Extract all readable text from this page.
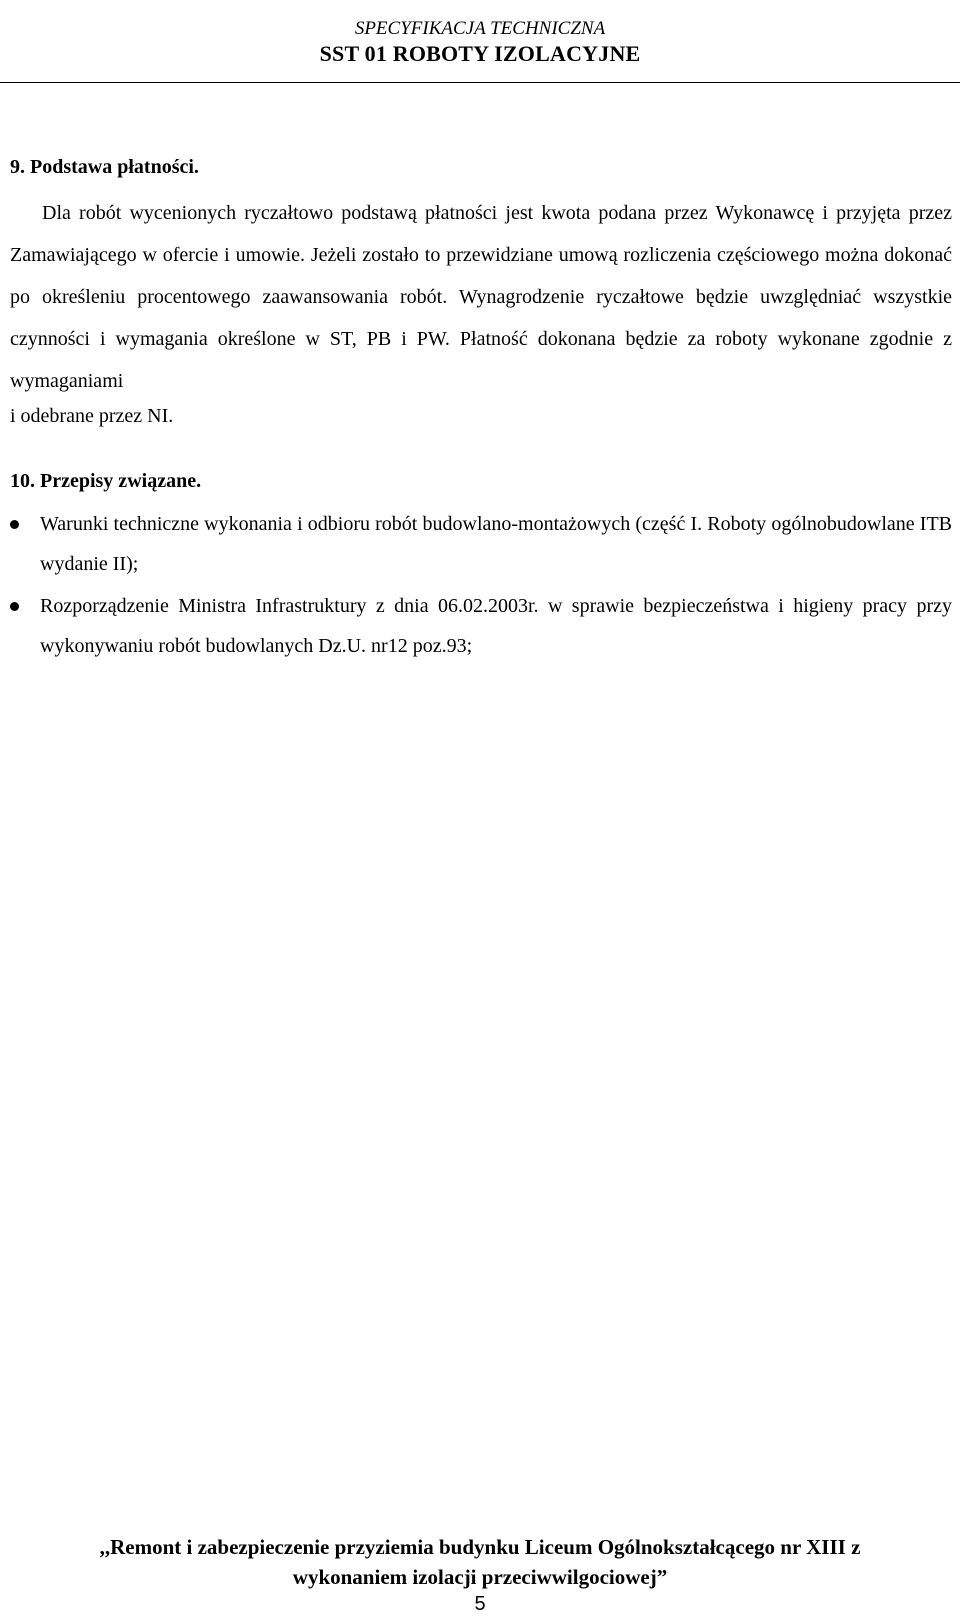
SPECYFIKACJA TECHNICZNA
SST 01 ROBOTY IZOLACYJNE

9. Podstawa płatności.

Dla robót wycenionych ryczałtowo podstawą płatności jest kwota podana przez Wykonawcę i przyjęta przez Zamawiającego w ofercie i umowie. Jeżeli zostało to przewidziane umową rozliczenia częściowego można dokonać po określeniu procentowego zaawansowania robót. Wynagrodzenie ryczałtowe będzie uwzględniać wszystkie czynności i wymagania określone w ST, PB i PW. Płatność dokonana będzie za roboty wykonane zgodnie z wymaganiami

i odebrane przez NI.

10. Przepisy związane.

Warunki techniczne wykonania i odbioru robót budowlano-montażowych (część I. Roboty ogólnobudowlane ITB wydanie II);
Rozporządzenie Ministra Infrastruktury z dnia 06.02.2003r. w sprawie bezpieczeństwa i higieny pracy przy wykonywaniu robót budowlanych Dz.U. nr12 poz.93;
,,Remont i zabezpieczenie przyziemia budynku Liceum Ogólnokształcącego nr XIII z
wykonaniem izolacji przeciwwilgociowej”
5
